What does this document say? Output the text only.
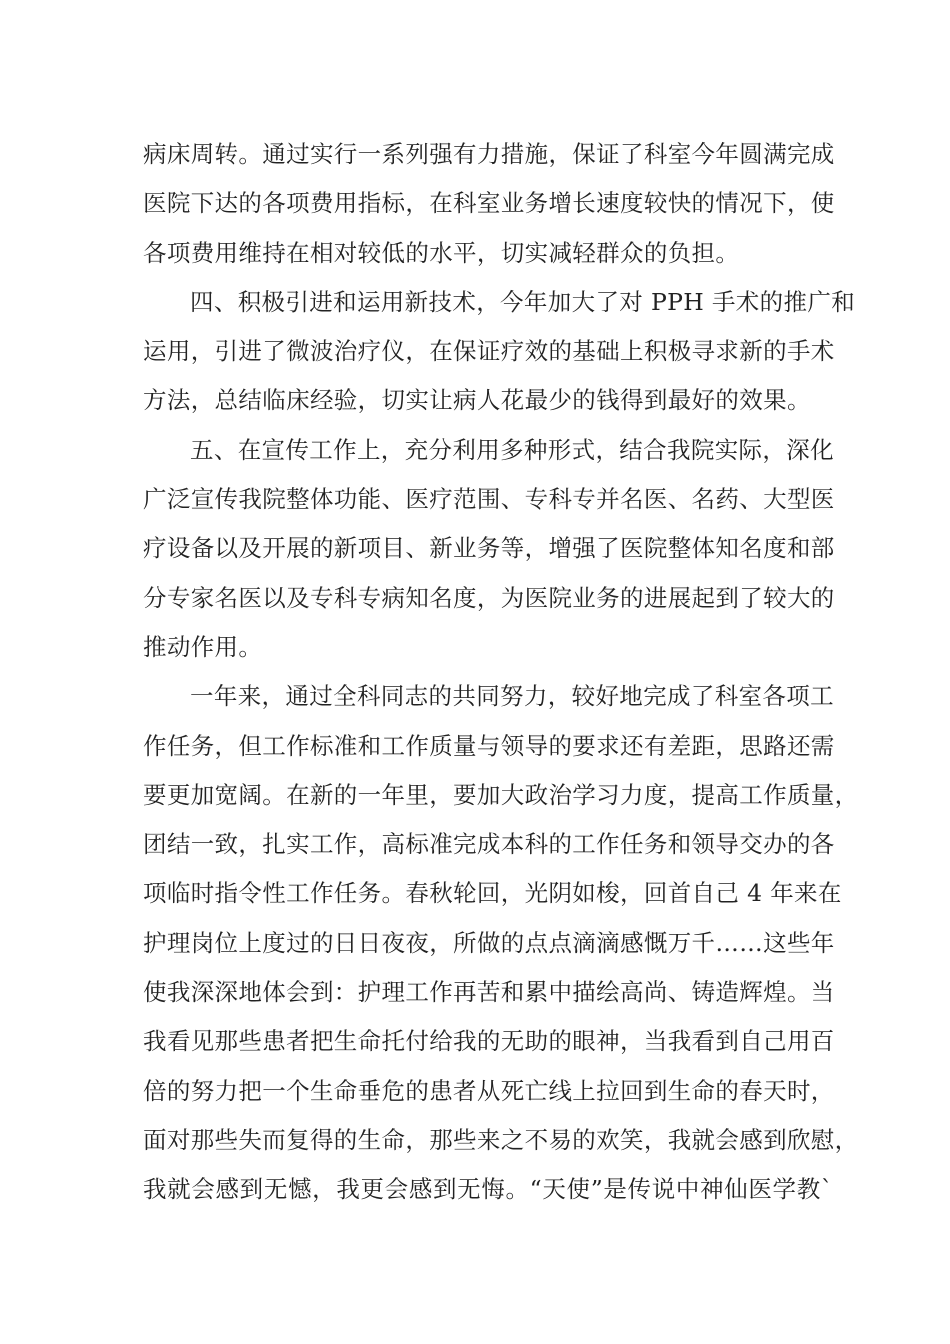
病床周转。通过实行一系列强有力措施，保证了科室今年圆满完成
医院下达的各项费用指标，在科室业务增长速度较快的情况下，使
各项费用维持在相对较低的水平，切实减轻群众的负担。
四、积极引进和运用新技术，今年加大了对 PPH 手术的推广和
运用，引进了微波治疗仪，在保证疗效的基础上积极寻求新的手术
方法，总结临床经验，切实让病人花最少的钱得到最好的效果。
五、在宣传工作上，充分利用多种形式，结合我院实际，深化
广泛宣传我院整体功能、医疗范围、专科专并名医、名药、大型医
疗设备以及开展的新项目、新业务等，增强了医院整体知名度和部
分专家名医以及专科专病知名度，为医院业务的进展起到了较大的
推动作用。
一年来，通过全科同志的共同努力，较好地完成了科室各项工
作任务，但工作标准和工作质量与领导的要求还有差距，思路还需
要更加宽阔。在新的一年里，要加大政治学习力度，提高工作质量，
团结一致，扎实工作，高标准完成本科的工作任务和领导交办的各
项临时指令性工作任务。春秋轮回，光阴如梭，回首自己 4 年来在
护理岗位上度过的日日夜夜，所做的点点滴滴感慨万千……这些年
使我深深地体会到：护理工作再苦和累中描绘高尚、铸造辉煌。当
我看见那些患者把生命托付给我的无助的眼神，当我看到自己用百
倍的努力把一个生命垂危的患者从死亡线上拉回到生命的春天时，
面对那些失而复得的生命，那些来之不易的欢笑，我就会感到欣慰，
我就会感到无憾，我更会感到无悔。“天使”是传说中神仙医学教`
